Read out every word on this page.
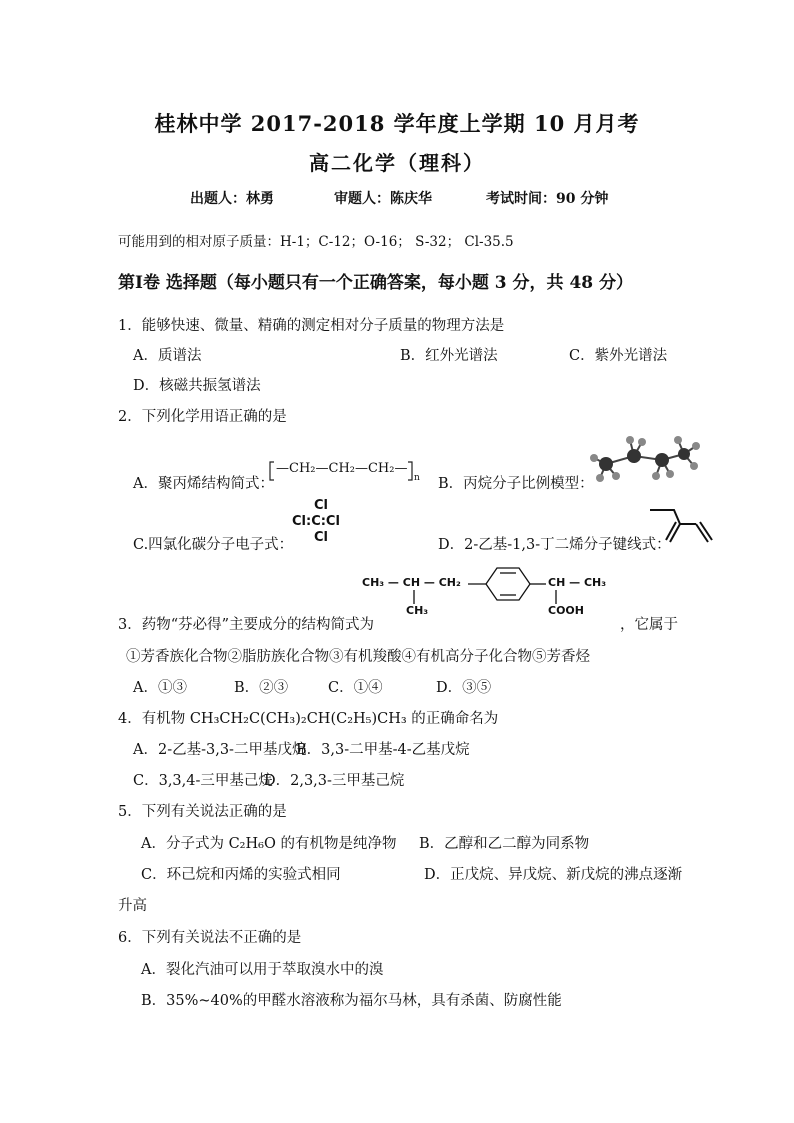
桂林中学 2017-2018 学年度上学期 10 月月考
高二化学（理科）
出题人：林勇	审题人：陈庆华	考试时间：90 分钟
可能用到的相对原子质量：H-1；C-12；O-16； S-32； Cl-35.5
第Ⅰ卷 选择题（每小题只有一个正确答案，每小题 3 分，共 48 分）
1．能够快速、微量、精确的测定相对分子质量的物理方法是
A．质谱法	B．红外光谱法	C．紫外光谱法
D．核磁共振氢谱法
2．下列化学用语正确的是
A．聚丙烯结构简式：
—CH₂—CH₂—CH₂—
n B．丙烷分子比例模型：
C.四氯化碳分子电子式：
Cl
Cl:C:Cl
Cl	D．2-乙基-1,3-丁二烯分子键线式：
3．药物“芬必得”主要成分的结构简式为
CH₃ — CH — CH₂
CH₃
CH — CH₃
COOH
，它属于
①芳香族化合物②脂肪族化合物③有机羧酸④有机高分子化合物⑤芳香烃
A．①③	B．②③	C．①④	D．③⑤
4．有机物 CH₃CH₂C(CH₃)₂CH(C₂H₅)CH₃ 的正确命名为
A．2-乙基-3,3-二甲基戊烷
B．3,3-二甲基-4-乙基戊烷
C．3,3,4-三甲基己烷
D．2,3,3-三甲基己烷
5．下列有关说法正确的是
A．分子式为 C₂H₆O 的有机物是纯净物 B．乙醇和乙二醇为同系物
C．环己烷和丙烯的实验式相同	D．正戊烷、异戊烷、新戊烷的沸点逐渐
升高
6．下列有关说法不正确的是
A．裂化汽油可以用于萃取溴水中的溴
B．35%~40%的甲醛水溶液称为福尔马林，具有杀菌、防腐性能
